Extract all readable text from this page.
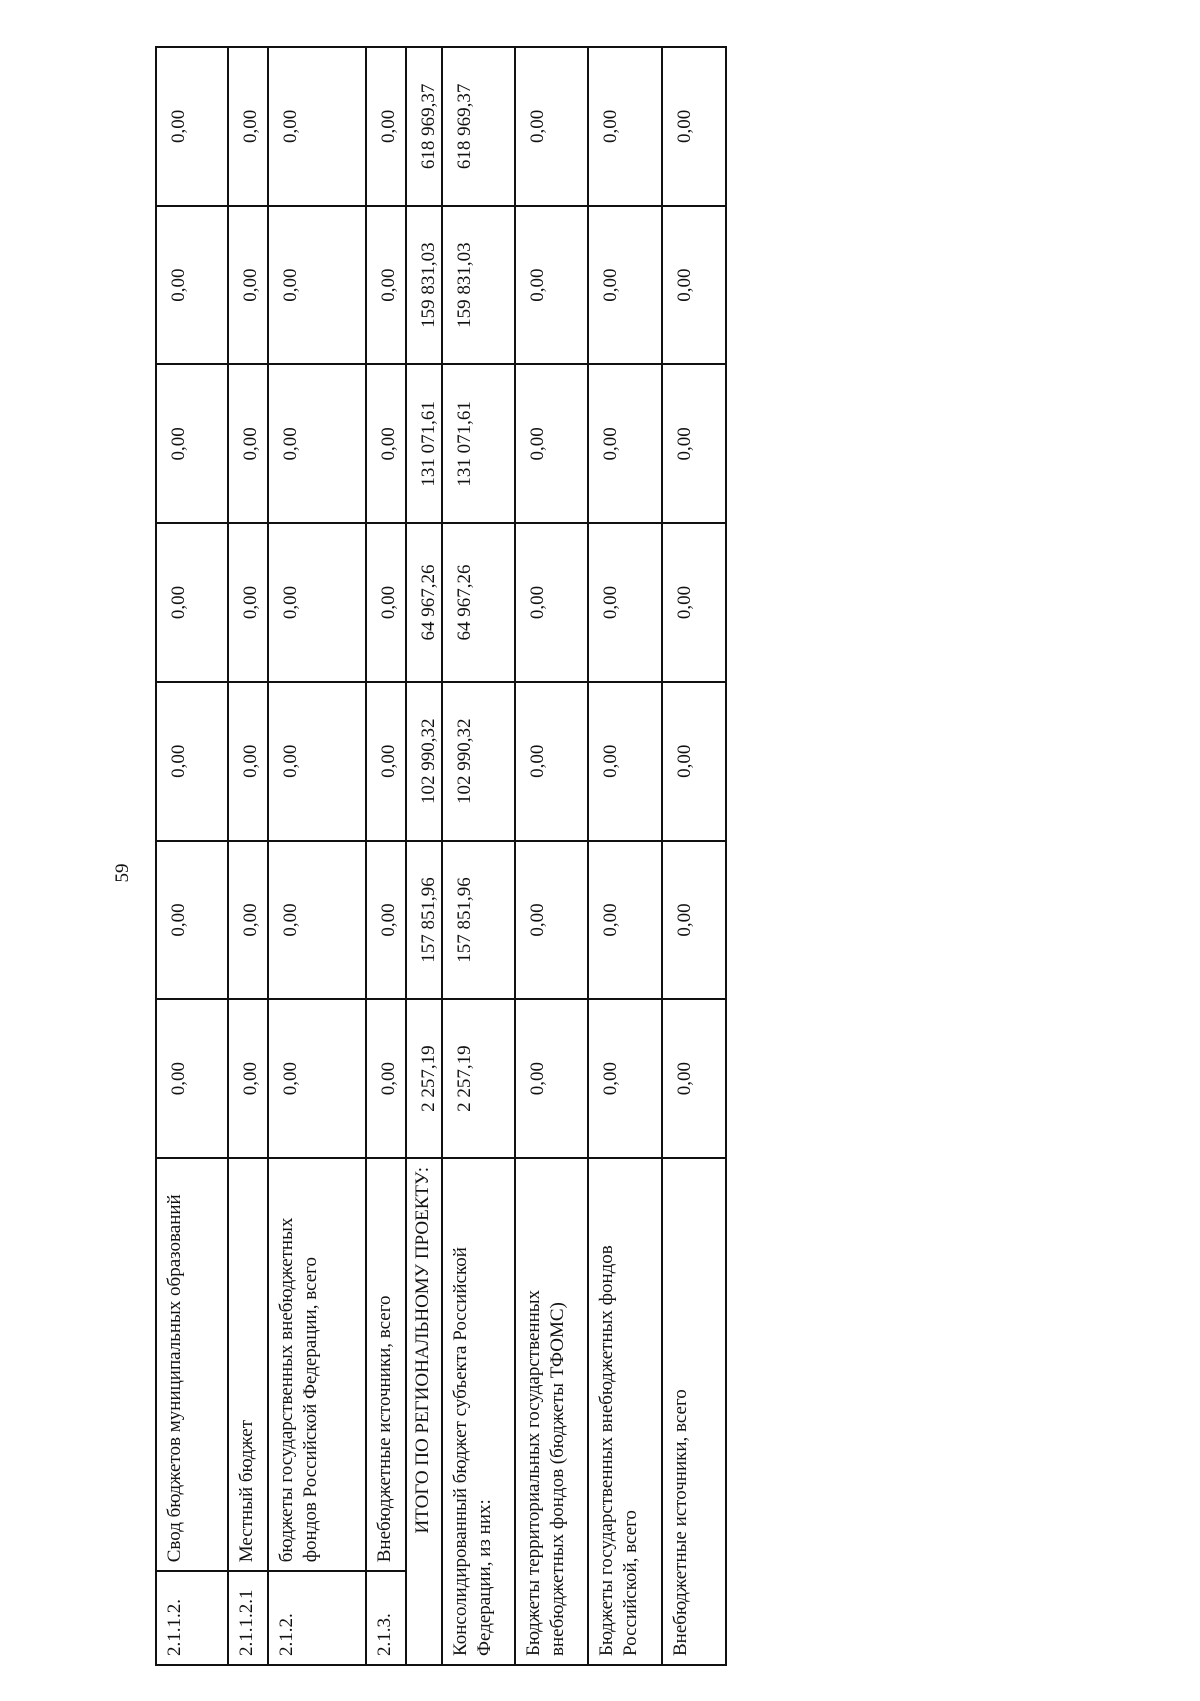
59
2.1.1.2.	Свод бюджетов муниципальных образований	0,00	0,00	0,00	0,00	0,00	0,00	0,00
2.1.1.2.1	Местный бюджет	0,00	0,00	0,00	0,00	0,00	0,00	0,00
2.1.2.	бюджеты государственных внебюджетных фондов Российской Федерации, всего	0,00	0,00	0,00	0,00	0,00	0,00	0,00
2.1.3.	Внебюджетные источники, всего	0,00	0,00	0,00	0,00	0,00	0,00	0,00
ИТОГО ПО РЕГИОНАЛЬНОМУ ПРОЕКТУ:		2 257,19	157 851,96	102 990,32	64 967,26	131 071,61	159 831,03	618 969,37
Консолидированный бюджет субъекта Российской Федерации, из них:		2 257,19	157 851,96	102 990,32	64 967,26	131 071,61	159 831,03	618 969,37
Бюджеты территориальных государственных внебюджетных фондов (бюджеты ТФОМС)		0,00	0,00	0,00	0,00	0,00	0,00	0,00
Бюджеты государственных внебюджетных фондов Российской, всего		0,00	0,00	0,00	0,00	0,00	0,00	0,00
Внебюджетные источники, всего		0,00	0,00	0,00	0,00	0,00	0,00	0,00
